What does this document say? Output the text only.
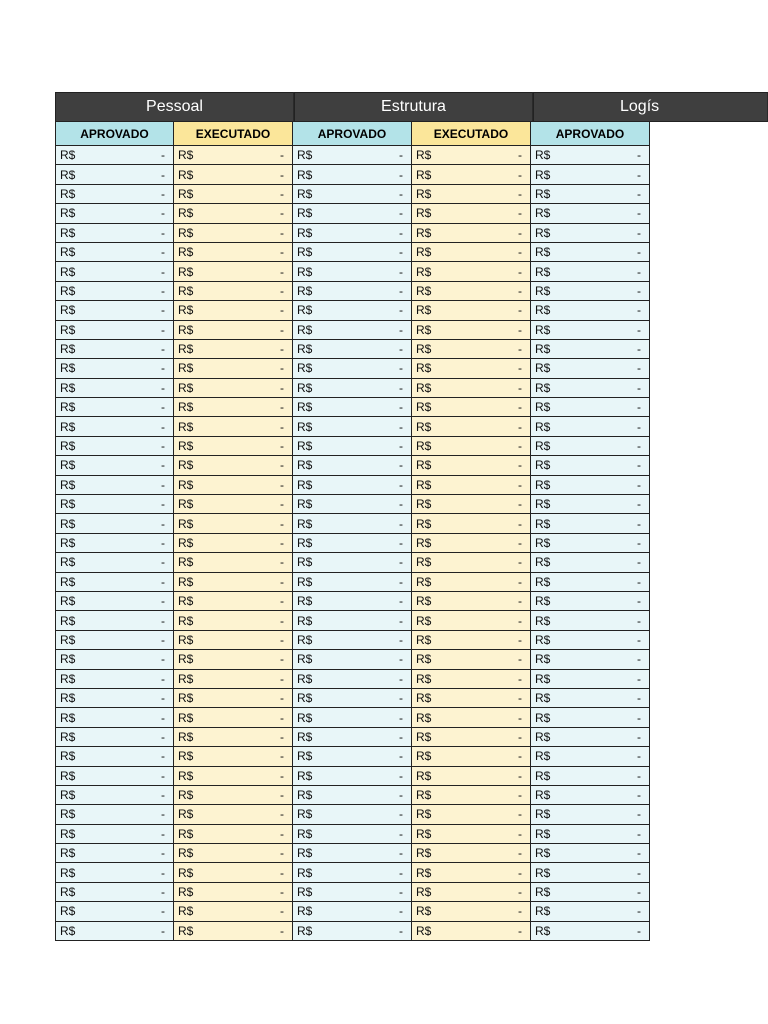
Pessoal	Estrutura	Logís
APROVADO	EXECUTADO	APROVADO	EXECUTADO	APROVADO
R$	- R$	- R$	- R$	- R$	-
R$	- R$	- R$	- R$	- R$	-
R$	- R$	- R$	- R$	- R$	-
R$	- R$	- R$	- R$	- R$	-
R$	- R$	- R$	- R$	- R$	-
R$	- R$	- R$	- R$	- R$	-
R$	- R$	- R$	- R$	- R$	-
R$	- R$	- R$	- R$	- R$	-
R$	- R$	- R$	- R$	- R$	-
R$	- R$	- R$	- R$	- R$	-
R$	- R$	- R$	- R$	- R$	-
R$	- R$	- R$	- R$	- R$	-
R$	- R$	- R$	- R$	- R$	-
R$	- R$	- R$	- R$	- R$	-
R$	- R$	- R$	- R$	- R$	-
R$	- R$	- R$	- R$	- R$	-
R$	- R$	- R$	- R$	- R$	-
R$	- R$	- R$	- R$	- R$	-
R$	- R$	- R$	- R$	- R$	-
R$	- R$	- R$	- R$	- R$	-
R$	- R$	- R$	- R$	- R$	-
R$	- R$	- R$	- R$	- R$	-
R$	- R$	- R$	- R$	- R$	-
R$	- R$	- R$	- R$	- R$	-
R$	- R$	- R$	- R$	- R$	-
R$	- R$	- R$	- R$	- R$	-
R$	- R$	- R$	- R$	- R$	-
R$	- R$	- R$	- R$	- R$	-
R$	- R$	- R$	- R$	- R$	-
R$	- R$	- R$	- R$	- R$	-
R$	- R$	- R$	- R$	- R$	-
R$	- R$	- R$	- R$	- R$	-
R$	- R$	- R$	- R$	- R$	-
R$	- R$	- R$	- R$	- R$	-
R$	- R$	- R$	- R$	- R$	-
R$	- R$	- R$	- R$	- R$	-
R$	- R$	- R$	- R$	- R$	-
R$	- R$	- R$	- R$	- R$	-
R$	- R$	- R$	- R$	- R$	-
R$	- R$	- R$	- R$	- R$	-
R$	- R$	- R$	- R$	- R$	-
